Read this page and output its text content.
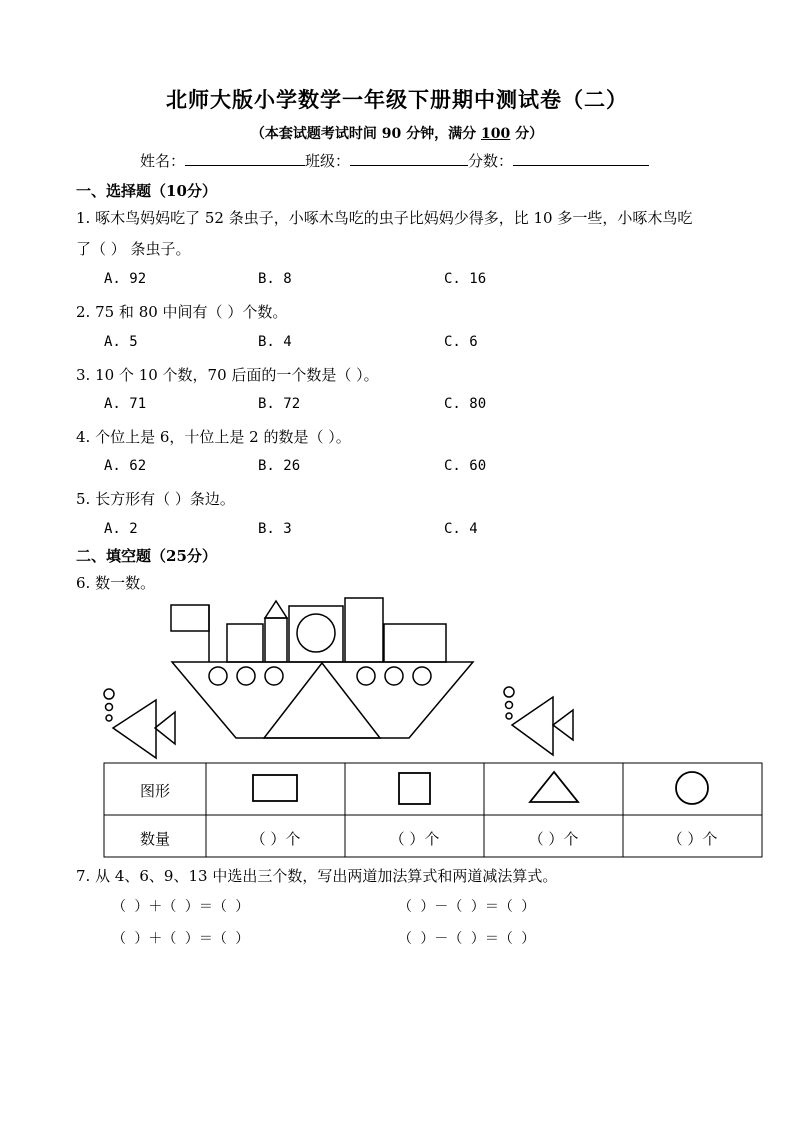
北师大版小学数学一年级下册期中测试卷（二）
（本套试题考试时间 90 分钟，满分 100 分）
姓名：	班级：	分数：
一、选择题（10分）
1. 啄木鸟妈妈吃了 52 条虫子，小啄木鸟吃的虫子比妈妈少得多，比 10 多一些，小啄木鸟吃
了（ ） 条虫子。
A. 92	B. 8	C. 16
2. 75 和 80 中间有（ ）个数。
A. 5	B. 4	C. 6
3. 10 个 10 个数，70 后面的一个数是（ ）。
A. 71	B. 72	C. 80
4. 个位上是 6，十位上是 2 的数是（ ）。
A. 62	B. 26	C. 60
5. 长方形有（ ）条边。
A. 2	B. 3	C. 4
二、填空题（25分）
6. 数一数。
图形
数量	（ ）个	（ ）个	（ ）个	（ ）个
7. 从 4、6、9、13 中选出三个数，写出两道加法算式和两道减法算式。
（ ）＋（ ）＝（ ）	（ ）－（ ）＝（ ）
（ ）＋（ ）＝（ ）	（ ）－（ ）＝（ ）
